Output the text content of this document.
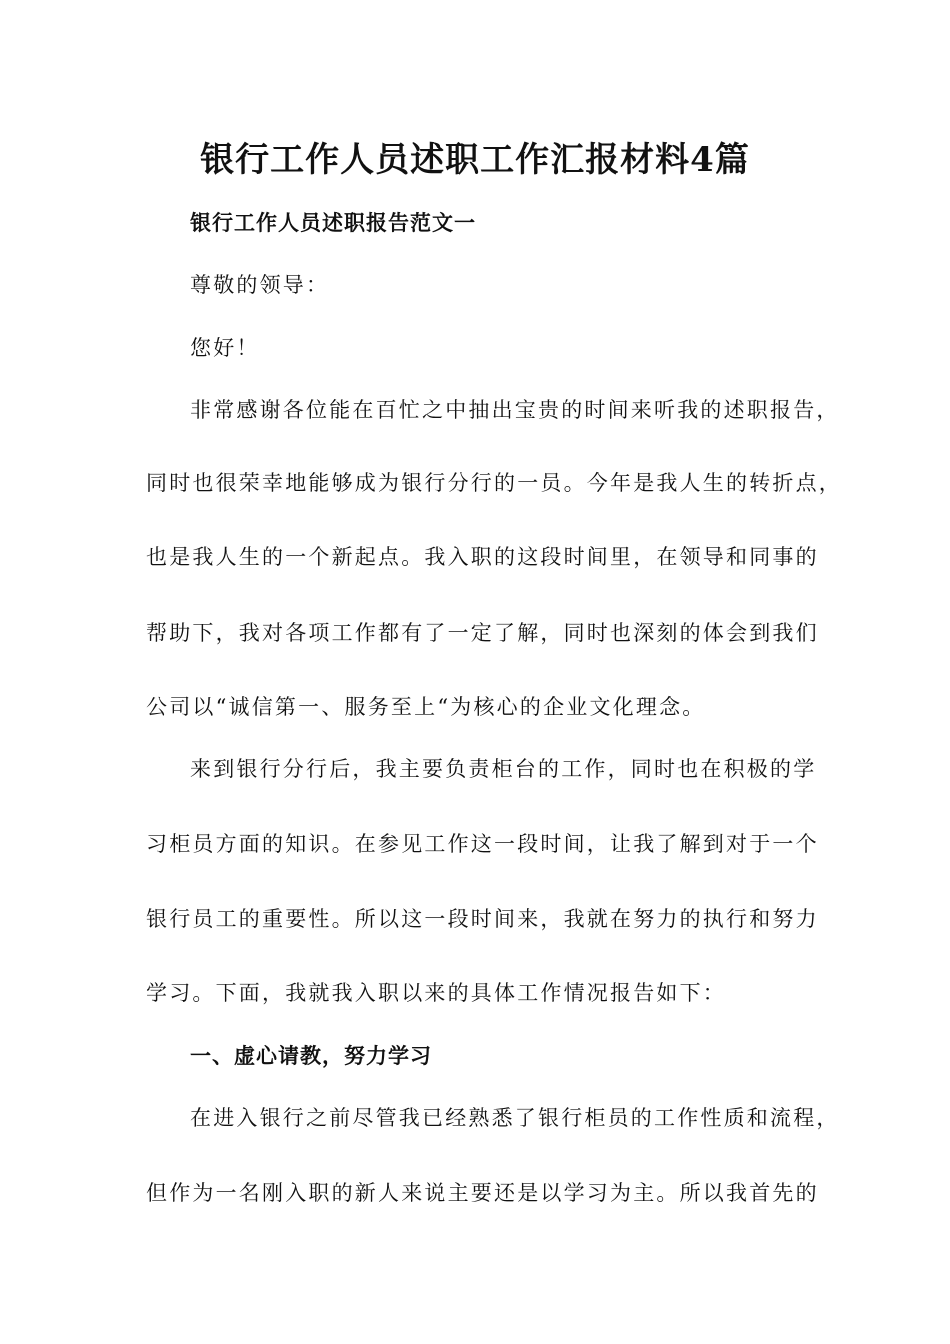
银行工作人员述职工作汇报材料4篇
银行工作人员述职报告范文一
尊敬的领导：
您好！
非常感谢各位能在百忙之中抽出宝贵的时间来听我的述职报告，
同时也很荣幸地能够成为银行分行的一员。今年是我人生的转折点，
也是我人生的一个新起点。我入职的这段时间里，在领导和同事的
帮助下，我对各项工作都有了一定了解，同时也深刻的体会到我们
公司以“诚信第一、服务至上“为核心的企业文化理念。
来到银行分行后，我主要负责柜台的工作，同时也在积极的学
习柜员方面的知识。在参见工作这一段时间，让我了解到对于一个
银行员工的重要性。所以这一段时间来，我就在努力的执行和努力
学习。下面，我就我入职以来的具体工作情况报告如下：
一、虚心请教，努力学习
在进入银行之前尽管我已经熟悉了银行柜员的工作性质和流程，
但作为一名刚入职的新人来说主要还是以学习为主。所以我首先的
